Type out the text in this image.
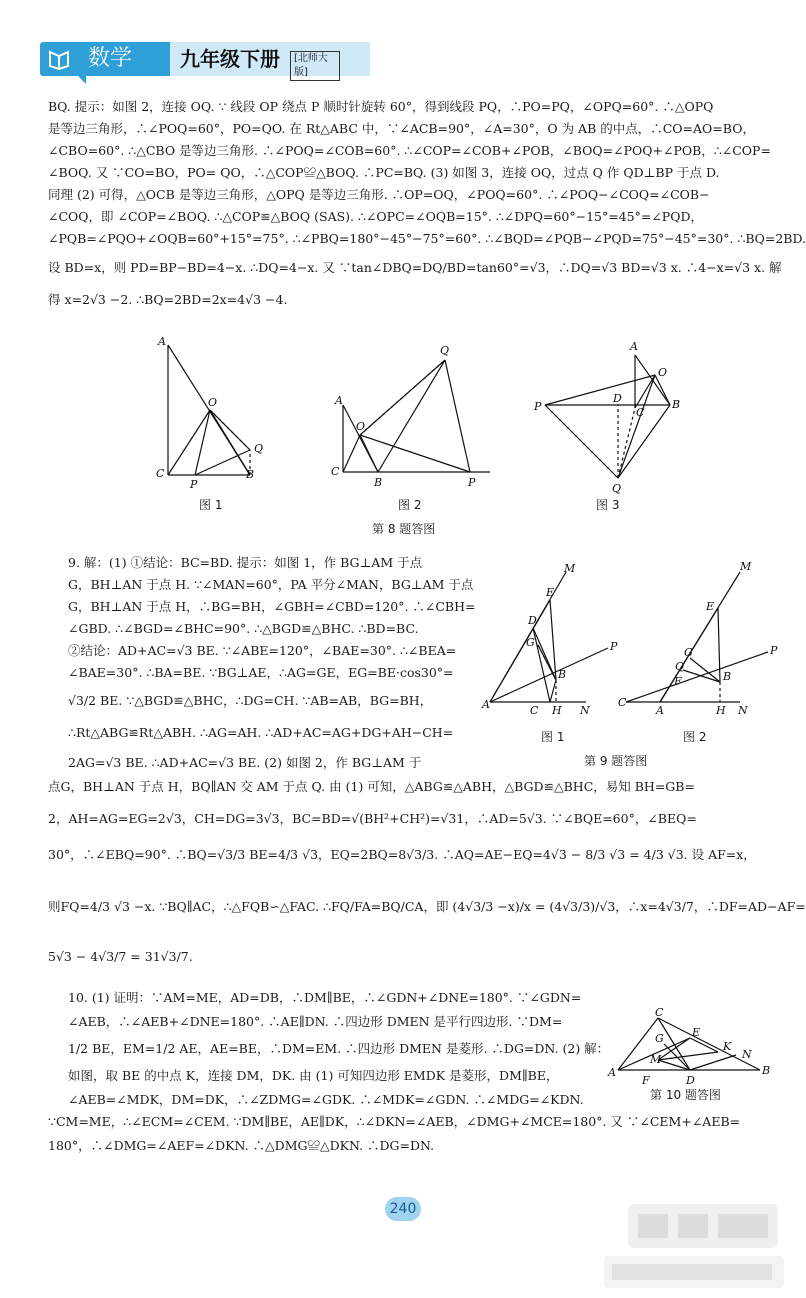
数学	九年级下册	[北师大版]
BQ. 提示：如图 2，连接 OQ. ∵ 线段 OP 绕点 P 顺时针旋转 60°，得到线段 PQ，∴PO=PQ，∠OPQ=60°. ∴△OPQ
是等边三角形，∴∠POQ=60°，PO=QO. 在 Rt△ABC 中，∵∠ACB=90°，∠A=30°，O 为 AB 的中点，∴CO=AO=BO，
∠CBO=60°. ∴△CBO 是等边三角形. ∴∠POQ=∠COB=60°. ∴∠COP=∠COB+∠POB，∠BOQ=∠POQ+∠POB，∴∠COP=
∠BOQ. 又 ∵CO=BO，PO= QO，∴△COP≌△BOQ. ∴PC=BQ. (3) 如图 3，连接 OQ，过点 Q 作 QD⊥BP 于点 D.
同理 (2) 可得，△OCB 是等边三角形，△OPQ 是等边三角形. ∴OP=OQ，∠POQ=60°. ∴∠POQ−∠COQ=∠COB−
∠COQ，即 ∠COP=∠BOQ. ∴△COP≌△BOQ (SAS). ∴∠OPC=∠OQB=15°. ∴∠DPQ=60°−15°=45°=∠PQD，
∠PQB=∠PQO+∠OQB=60°+15°=75°. ∴∠PBQ=180°−45°−75°=60°. ∴∠BQD=∠PQB−∠PQD=75°−45°=30°. ∴BQ=2BD.
设 BD=x，则 PD=BP−BD=4−x. ∴DQ=4−x. 又 ∵tan∠DBQ=DQ/BD=tan60°=√3，∴DQ=√3 BD=√3 x. ∴4−x=√3 x. 解
得 x=2√3 −2. ∴BQ=2BD=2x=4√3 −4.
A
O
Q
C
P
B
A
O
Q
C
B	P
A
O
P
D
C
B
Q
图 1	图 2	图 3
第 8 题答图
9. 解：(1) ①结论：BC=BD. 提示：如图 1，作 BG⊥AM 于点
G，BH⊥AN 于点 H. ∵∠MAN=60°，PA 平分∠MAN，BG⊥AM 于点
G，BH⊥AN 于点 H，∴BG=BH，∠GBH=∠CBD=120°. ∴∠CBH=
∠GBD. ∴∠BGD=∠BHC=90°. ∴△BGD≌△BHC. ∴BD=BC.
②结论：AD+AC=√3 BE. ∵∠ABE=120°，∠BAE=30°. ∴∠BEA=
∠BAE=30°. ∴BA=BE. ∵BG⊥AE，∴AG=GE，EG=BE·cos30°=
√3/2 BE. ∵△BGD≌△BHC，∴DG=CH. ∵AB=AB，BG=BH，
∴Rt△ABG≌Rt△ABH. ∴AG=AH. ∴AD+AC=AG+DG+AH−CH=
2AG=√3 BE. ∴AD+AC=√3 BE. (2) 如图 2，作 BG⊥AM 于
M
E
D
G
B
P
A	C H N
M
E
G
Q
F	B
P
C
A	H N
图 1	图 2
第 9 题答图
点G，BH⊥AN 于点 H，BQ∥AN 交 AM 于点 Q. 由 (1) 可知，△ABG≌△ABH，△BGD≌△BHC，易知 BH=GB=
2，AH=AG=EG=2√3，CH=DG=3√3，BC=BD=√(BH²+CH²)=√31，∴AD=5√3. ∵∠BQE=60°，∠BEQ=
30°，∴∠EBQ=90°. ∴BQ=√3/3 BE=4/3 √3，EQ=2BQ=8√3/3. ∴AQ=AE−EQ=4√3 − 8/3 √3 = 4/3 √3. 设 AF=x，
则FQ=4/3 √3 −x. ∵BQ∥AC，∴△FQB∽△FAC. ∴FQ/FA=BQ/CA，即 (4√3/3 −x)/x = (4√3/3)/√3，∴x=4√3/7，∴DF=AD−AF=
5√3 − 4√3/7 = 31√3/7.
10. (1) 证明：∵AM=ME，AD=DB，∴DM∥BE，∴∠GDN+∠DNE=180°. ∵∠GDN=
∠AEB，∴∠AEB+∠DNE=180°. ∴AE∥DN. ∴四边形 DMEN 是平行四边形. ∵DM=
1/2 BE，EM=1/2 AE，AE=BE，∴DM=EM. ∴四边形 DMEN 是菱形. ∴DG=DN. (2) 解：
如图，取 BE 的中点 K，连接 DM，DK. 由 (1) 可知四边形 EMDK 是菱形，DM∥BE，
∠AEB=∠MDK，DM=DK，∴∠ZDMG=∠GDK. ∴∠MDK=∠GDN. ∴∠MDG=∠KDN.
∵CM=ME，∴∠ECM=∠CEM. ∵DM∥BE，AE∥DK，∴∠DKN=∠AEB，∠DMG+∠MCE=180°. 又 ∵∠CEM+∠AEB=
180°，∴∠DMG=∠AEF=∠DKN. ∴△DMG≌△DKN. ∴DG=DN.
C
E
G
M
K
N
A
F	D
B
第 10 题答图
240
